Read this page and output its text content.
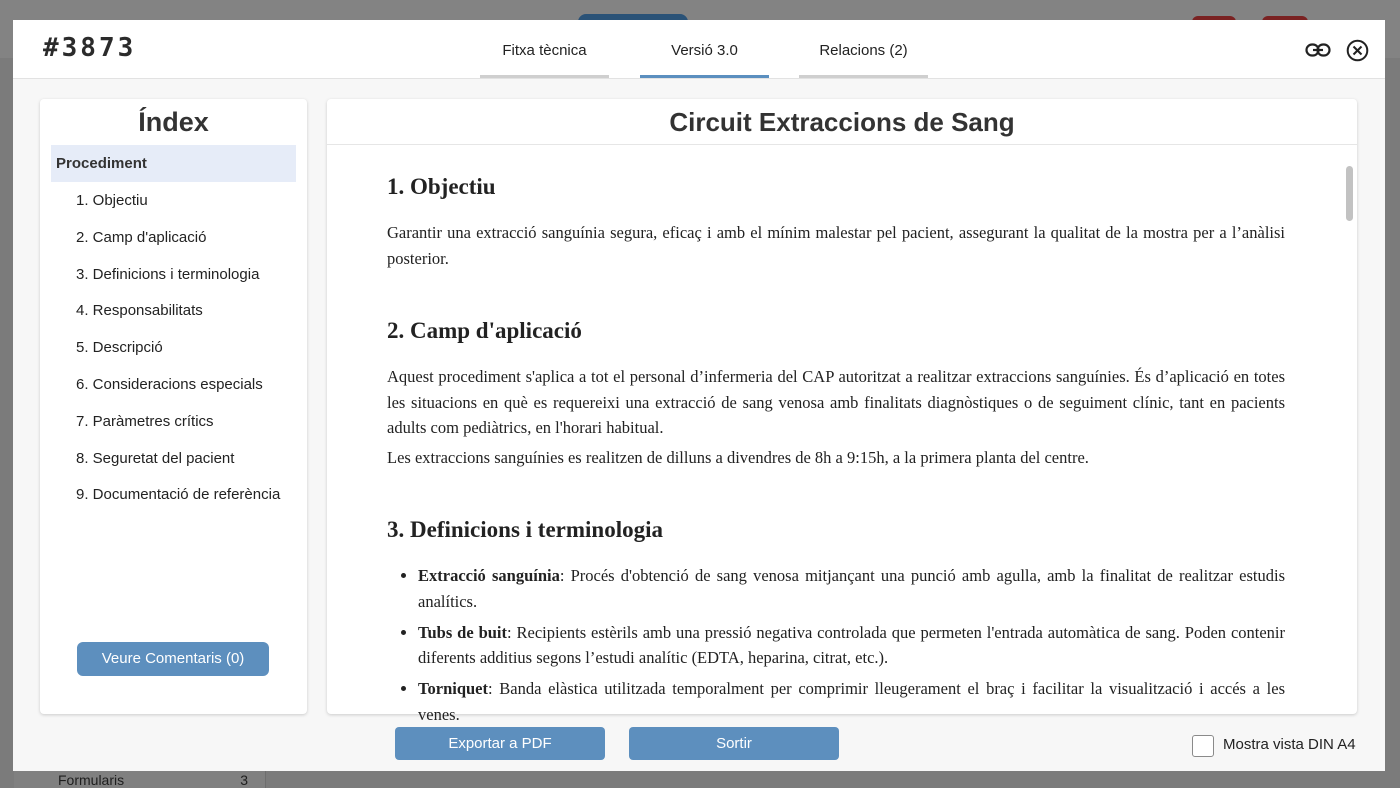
Formularis	3
#3873	Fitxa tècnica	Versió 3.0	Relacions (2)
Índex
Procediment
1. Objectiu
2. Camp d'aplicació
3. Definicions i terminologia
4. Responsabilitats
5. Descripció
6. Consideracions especials
7. Paràmetres crítics
8. Seguretat del pacient
9. Documentació de referència
Veure Comentaris (0)
Circuit Extraccions de Sang
1. Objectiu

Garantir una extracció sanguínia segura, eficaç i amb el mínim malestar pel pacient, assegurant la qualitat de la mostra per a l’anàlisi posterior.

2. Camp d'aplicació

Aquest procediment s'aplica a tot el personal d’infermeria del CAP autoritzat a realitzar extraccions sanguínies. És d’aplicació en totes les situacions en què es requereixi una extracció de sang venosa amb finalitats diagnòstiques o de seguiment clínic, tant en pacients adults com pediàtrics, en l'horari habitual.

Les extraccions sanguínies es realitzen de dilluns a divendres de 8h a 9:15h, a la primera planta del centre.

3. Definicions i terminologia
• Extracció sanguínia: Procés d'obtenció de sang venosa mitjançant una punció amb agulla, amb la finalitat de realitzar estudis analítics.
• Tubs de buit: Recipients estèrils amb una pressió negativa controlada que permeten l'entrada automàtica de sang. Poden contenir diferents additius segons l’estudi analític (EDTA, heparina, citrat, etc.).
• Torniquet: Banda elàstica utilitzada temporalment per comprimir lleugerament el braç i facilitar la visualització i accés a les venes.
Exportar a PDF	Sortir	Mostra vista DIN A4
